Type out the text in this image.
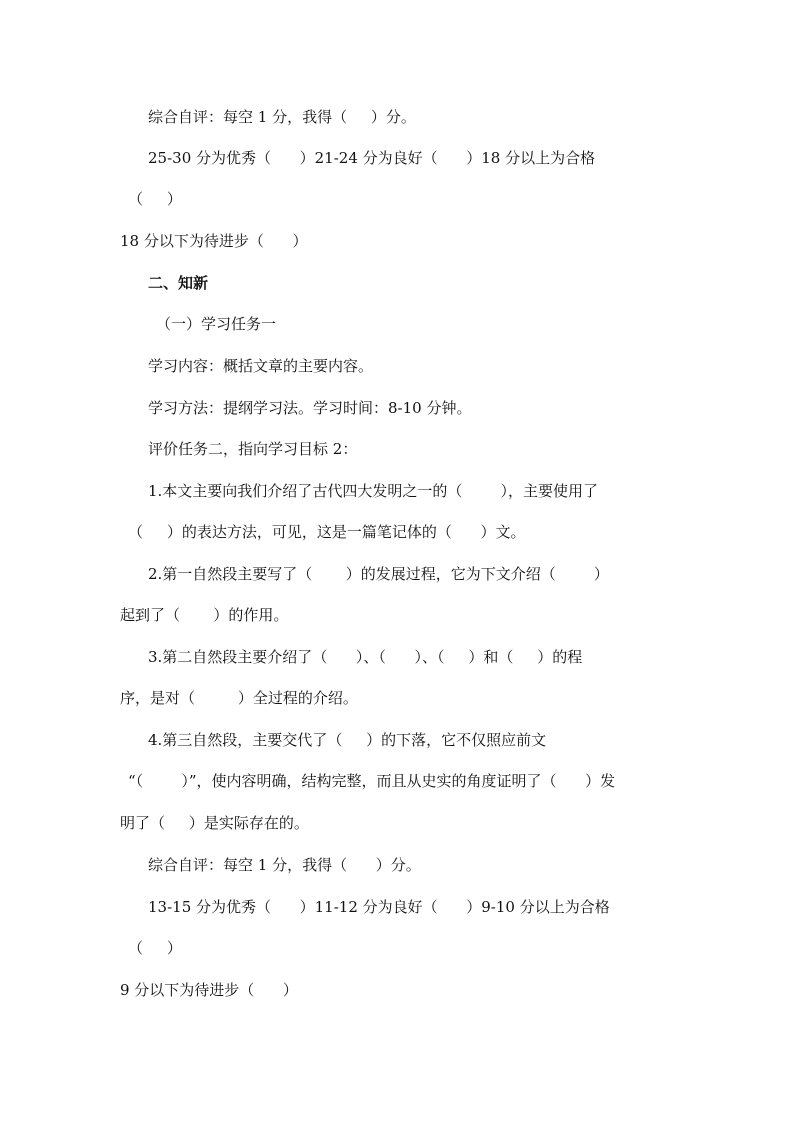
综合自评：每空 1 分，我得（     ）分。
25-30 分为优秀（      ）21-24 分为良好（      ）18 分以上为合格
（     ）
18 分以下为待进步（      ）
二、知新
（一）学习任务一
学习内容：概括文章的主要内容。
学习方法：提纲学习法。学习时间：8-10 分钟。
评价任务二，指向学习目标 2：
1.本文主要向我们介绍了古代四大发明之一的（        ），主要使用了
（     ）的表达方法，可见，这是一篇笔记体的（      ）文。
2.第一自然段主要写了（       ）的发展过程，它为下文介绍（        ）
起到了（       ）的作用。
3.第二自然段主要介绍了（      ）、（      ）、（     ）和（     ）的程
序，是对（         ）全过程的介绍。
4.第三自然段，主要交代了（     ）的下落，它不仅照应前文
“（        ）”，使内容明确，结构完整，而且从史实的角度证明了（      ）发
明了（     ）是实际存在的。
综合自评：每空 1 分，我得（      ）分。
13-15 分为优秀（      ）11-12 分为良好（      ）9-10 分以上为合格
（     ）
9 分以下为待进步（      ）
